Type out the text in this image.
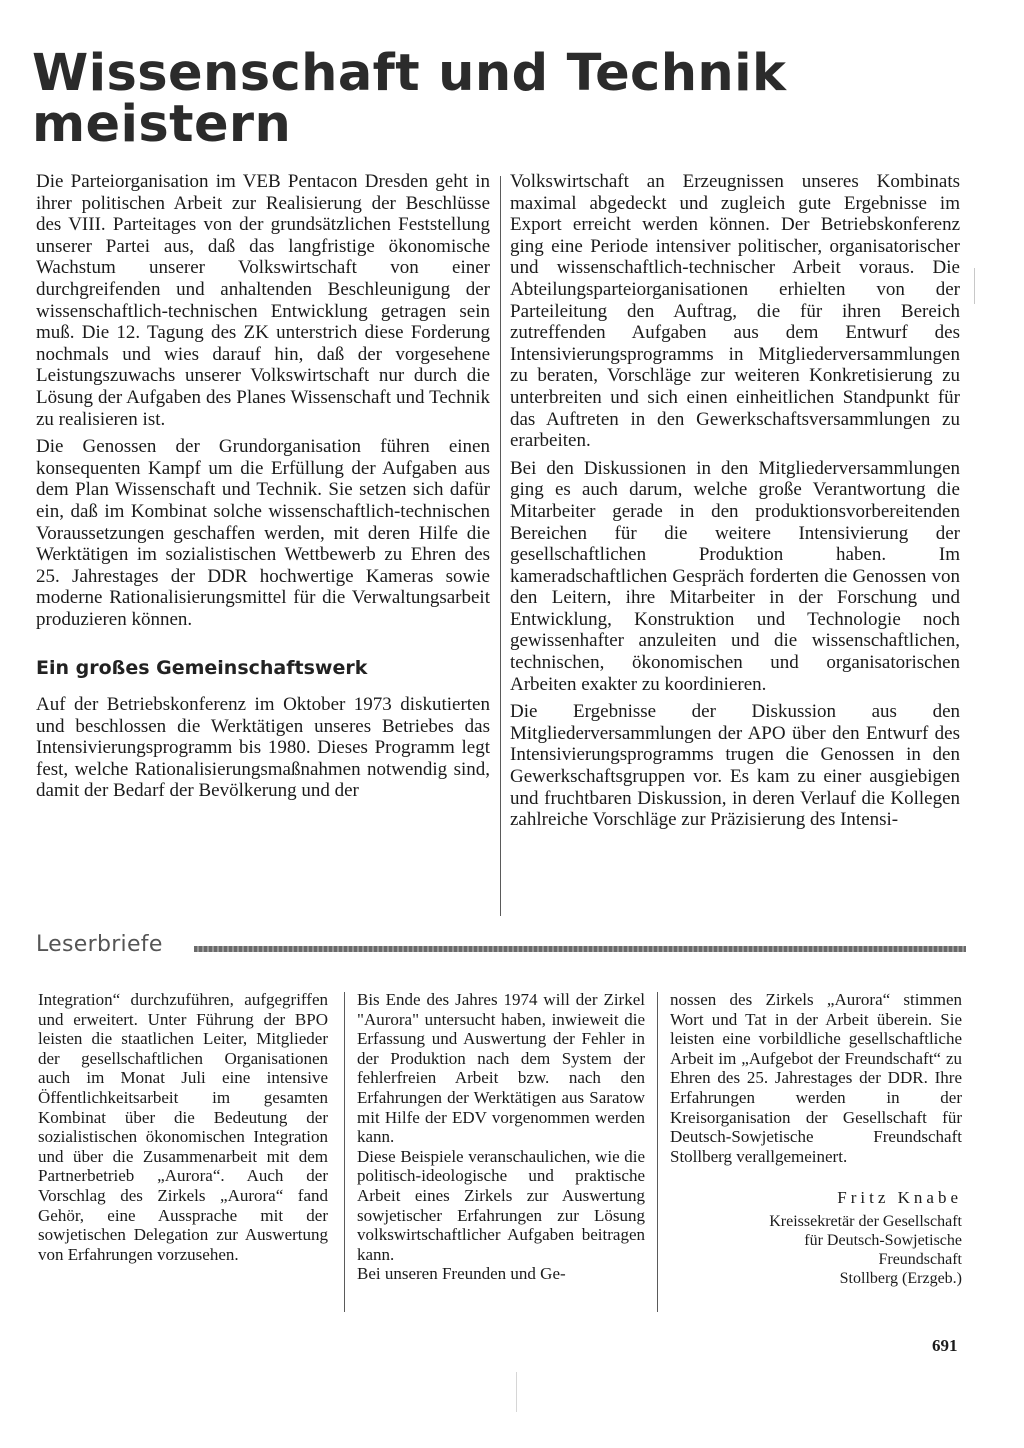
Wissenschaft und Technik meistern

Die Parteiorganisation im VEB Pentacon Dresden geht in ihrer politischen Arbeit zur Realisierung der Beschlüsse des VIII. Parteitages von der grundsätzlichen Feststellung unserer Partei aus, daß das langfristige ökonomische Wachstum unserer Volkswirtschaft von einer durchgreifenden und anhaltenden Beschleunigung der wissenschaftlich-technischen Entwicklung getragen sein muß. Die 12. Tagung des ZK unterstrich diese Forderung nochmals und wies darauf hin, daß der vorgesehene Leistungszuwachs unserer Volkswirtschaft nur durch die Lösung der Aufgaben des Planes Wissenschaft und Technik zu realisieren ist.

Die Genossen der Grundorganisation führen einen konsequenten Kampf um die Erfüllung der Aufgaben aus dem Plan Wissenschaft und Technik. Sie setzen sich dafür ein, daß im Kombinat solche wissenschaftlich-technischen Voraussetzungen geschaffen werden, mit deren Hilfe die Werktätigen im sozialistischen Wettbewerb zu Ehren des 25. Jahrestages der DDR hochwertige Kameras sowie moderne Rationalisierungsmittel für die Verwaltungsarbeit produzieren können.

Ein großes Gemeinschaftswerk

Auf der Betriebskonferenz im Oktober 1973 diskutierten und beschlossen die Werktätigen unseres Betriebes das Intensivierungsprogramm bis 1980. Dieses Programm legt fest, welche Rationalisierungsmaßnahmen notwendig sind, damit der Bedarf der Bevölkerung und der

Volkswirtschaft an Erzeugnissen unseres Kombinats maximal abgedeckt und zugleich gute Ergebnisse im Export erreicht werden können. Der Betriebskonferenz ging eine Periode intensiver politischer, organisatorischer und wissenschaftlich-technischer Arbeit voraus. Die Abteilungsparteiorganisationen erhielten von der Parteileitung den Auftrag, die für ihren Bereich zutreffenden Aufgaben aus dem Entwurf des Intensivierungsprogramms in Mitgliederversammlungen zu beraten, Vorschläge zur weiteren Konkretisierung zu unterbreiten und sich einen einheitlichen Standpunkt für das Auftreten in den Gewerkschaftsversammlungen zu erarbeiten.

Bei den Diskussionen in den Mitgliederversammlungen ging es auch darum, welche große Verantwortung die Mitarbeiter gerade in den produktionsvorbereitenden Bereichen für die weitere Intensivierung der gesellschaftlichen Produktion haben. Im kameradschaftlichen Gespräch forderten die Genossen von den Leitern, ihre Mitarbeiter in der Forschung und Entwicklung, Konstruktion und Technologie noch gewissenhafter anzuleiten und die wissenschaftlichen, technischen, ökonomischen und organisatorischen Arbeiten exakter zu koordinieren.

Die Ergebnisse der Diskussion aus den Mitgliederversammlungen der APO über den Entwurf des Intensivierungsprogramms trugen die Genossen in den Gewerkschaftsgruppen vor. Es kam zu einer ausgiebigen und fruchtbaren Diskussion, in deren Verlauf die Kollegen zahlreiche Vorschläge zur Präzisierung des Intensi-

Leserbriefe

Integration“ durchzuführen, aufgegriffen und erweitert. Unter Führung der BPO leisten die staatlichen Leiter, Mitglieder der gesellschaftlichen Organisationen auch im Monat Juli eine intensive Öffentlichkeitsarbeit im gesamten Kombinat über die Bedeutung der sozialistischen ökonomischen Integration und über die Zusammenarbeit mit dem Partnerbetrieb „Aurora“. Auch der Vorschlag des Zirkels „Aurora“ fand Gehör, eine Aussprache mit der sowjetischen Delegation zur Auswertung von Erfahrungen vorzusehen.

Bis Ende des Jahres 1974 will der Zirkel "Aurora" untersucht haben, inwieweit die Erfassung und Auswertung der Fehler in der Produktion nach dem System der fehlerfreien Arbeit bzw. nach den Erfahrungen der Werktätigen aus Saratow mit Hilfe der EDV vorgenommen werden kann.

Diese Beispiele veranschaulichen, wie die politisch-ideologische und praktische Arbeit eines Zirkels zur Auswertung sowjetischer Erfahrungen zur Lösung volkswirtschaftlicher Aufgaben beitragen kann.

Bei unseren Freunden und Ge-

nossen des Zirkels „Aurora“ stimmen Wort und Tat in der Arbeit überein. Sie leisten eine vorbildliche gesellschaftliche Arbeit im „Aufgebot der Freundschaft“ zu Ehren des 25. Jahrestages der DDR. Ihre Erfahrungen werden in der Kreisorganisation der Gesellschaft für Deutsch-Sowjetische Freundschaft Stollberg verallgemeinert.

Fritz Knabe
Kreissekretär der Gesellschaft
für Deutsch-Sowjetische
Freundschaft
Stollberg (Erzgeb.)
691
